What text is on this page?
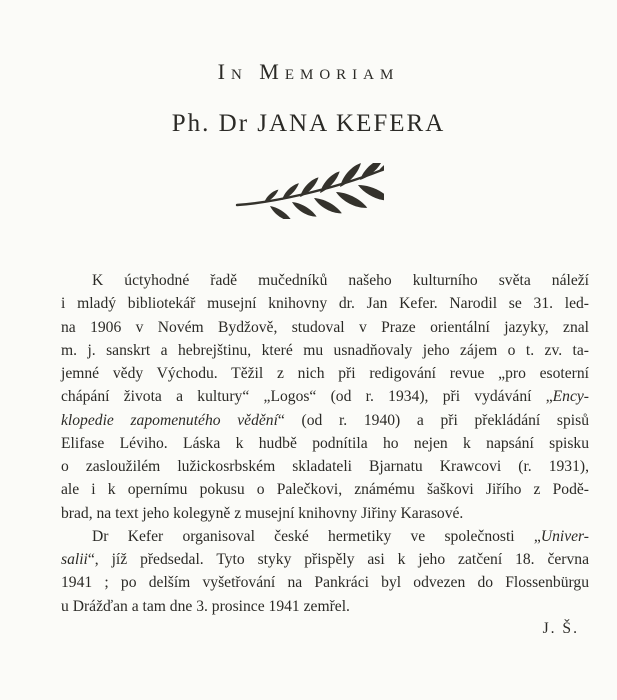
In Memoriam
Ph. Dr JANA KEFERA
K úctyhodné řadě mučedníků našeho kulturního světa náleží
i mladý bibliotekář musejní knihovny dr. Jan Kefer. Narodil se 31. led-
na 1906 v Novém Bydžově, studoval v Praze orientální jazyky, znal
m. j. sanskrt a hebrejštinu, které mu usnadňovaly jeho zájem o t. zv. ta-
jemné vědy Východu. Těžil z nich při redigování revue „pro esoterní
chápání života a kultury“ „Logos“ (od r. 1934), při vydávání „Ency-
klopedie zapomenutého vědění“ (od r. 1940) a při překládání spisů
Elifase Léviho. Láska k hudbě podnítila ho nejen k napsání spisku
o zasloužilém lužickosrbském skladateli Bjarnatu Krawcovi (r. 1931),
ale i k opernímu pokusu o Palečkovi, známému šaškovi Jiřího z Podě-
brad, na text jeho kolegyně z musejní knihovny Jiřiny Karasové.
Dr Kefer organisoval české hermetiky ve společnosti „Univer-
salii“, jíž předsedal. Tyto styky přispěly asi k jeho zatčení 18. června
1941 ; po delším vyšetřování na Pankráci byl odvezen do Flossenbürgu
u Drážďan a tam dne 3. prosince 1941 zemřel.
J. Š.
